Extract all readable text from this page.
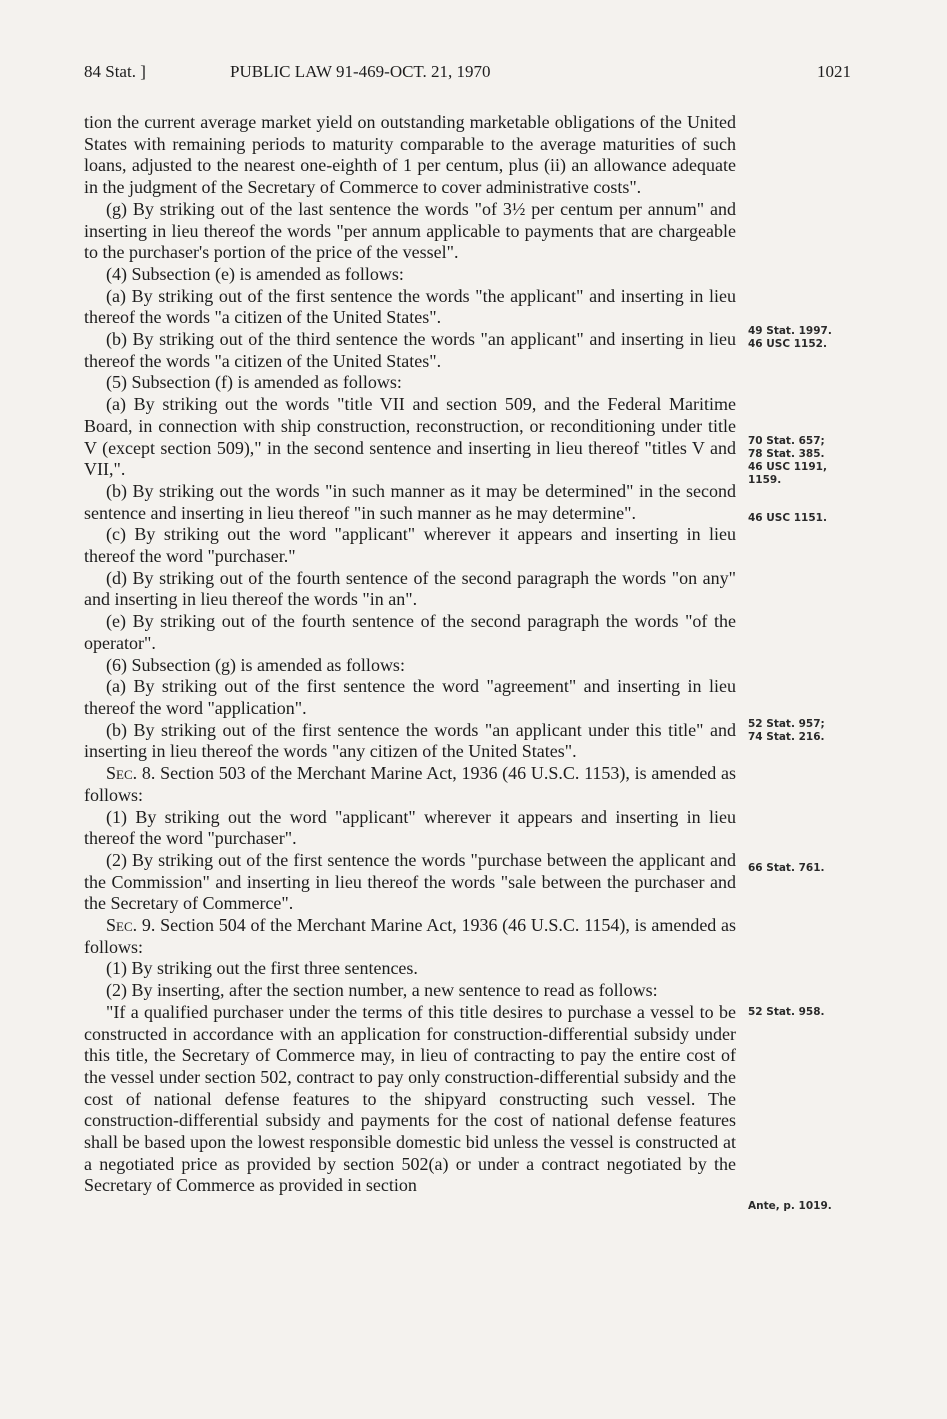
84 Stat. ]	PUBLIC LAW 91-469-OCT. 21, 1970	1021

tion the current average market yield on outstanding marketable obligations of the United States with remaining periods to maturity comparable to the average maturities of such loans, adjusted to the nearest one-eighth of 1 per centum, plus (ii) an allowance adequate in the judgment of the Secretary of Commerce to cover administrative costs".

(g) By striking out of the last sentence the words "of 3½ per centum per annum" and inserting in lieu thereof the words "per annum applicable to payments that are chargeable to the purchaser's portion of the price of the vessel".

(4) Subsection (e) is amended as follows:

(a) By striking out of the first sentence the words "the applicant" and inserting in lieu thereof the words "a citizen of the United States".

(b) By striking out of the third sentence the words "an applicant" and inserting in lieu thereof the words "a citizen of the United States".

(5) Subsection (f) is amended as follows:

(a) By striking out the words "title VII and section 509, and the Federal Maritime Board, in connection with ship construction, reconstruction, or reconditioning under title V (except section 509)," in the second sentence and inserting in lieu thereof "titles V and VII,".

(b) By striking out the words "in such manner as it may be determined" in the second sentence and inserting in lieu thereof "in such manner as he may determine".

(c) By striking out the word "applicant" wherever it appears and inserting in lieu thereof the word "purchaser."

(d) By striking out of the fourth sentence of the second paragraph the words "on any" and inserting in lieu thereof the words "in an".

(e) By striking out of the fourth sentence of the second paragraph the words "of the operator".

(6) Subsection (g) is amended as follows:

(a) By striking out of the first sentence the word "agreement" and inserting in lieu thereof the word "application".

(b) By striking out of the first sentence the words "an applicant under this title" and inserting in lieu thereof the words "any citizen of the United States".

Sec. 8. Section 503 of the Merchant Marine Act, 1936 (46 U.S.C. 1153), is amended as follows:

(1) By striking out the word "applicant" wherever it appears and inserting in lieu thereof the word "purchaser".

(2) By striking out of the first sentence the words "purchase between the applicant and the Commission" and inserting in lieu thereof the words "sale between the purchaser and the Secretary of Commerce".

Sec. 9. Section 504 of the Merchant Marine Act, 1936 (46 U.S.C. 1154), is amended as follows:

(1) By striking out the first three sentences.

(2) By inserting, after the section number, a new sentence to read as follows:

"If a qualified purchaser under the terms of this title desires to purchase a vessel to be constructed in accordance with an application for construction-differential subsidy under this title, the Secretary of Commerce may, in lieu of contracting to pay the entire cost of the vessel under section 502, contract to pay only construction-differential subsidy and the cost of national defense features to the shipyard constructing such vessel. The construction-differential subsidy and payments for the cost of national defense features shall be based upon the lowest responsible domestic bid unless the vessel is constructed at a negotiated price as provided by section 502(a) or under a contract negotiated by the Secretary of Commerce as provided in section

49 Stat. 1997.
46 USC 1152.
70 Stat. 657;
78 Stat. 385.
46 USC 1191,
1159.
46 USC 1151.
52 Stat. 957;
74 Stat. 216.
66 Stat. 761.
52 Stat. 958.
Ante, p. 1019.
